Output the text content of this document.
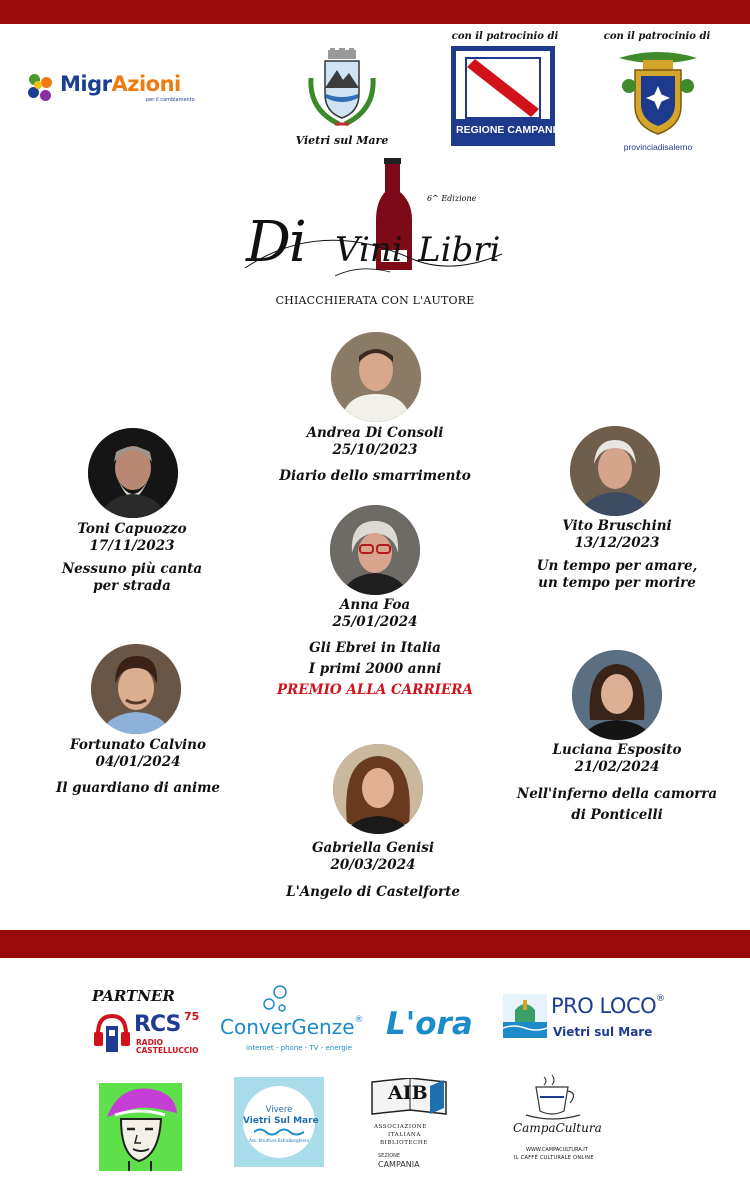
MigrAzioni
per il cambiamento
Vietri sul Mare
con il patrocinio di	con il patrocinio di
REGIONE CAMPANIA
provinciadisalerno
6^ Edizione
Di Vini Libri
CHIACCHIERATA CON L'AUTORE
Andrea Di Consoli
25/10/2023
Diario dello smarrimento
Toni Capuozzo
17/11/2023
Nessuno più canta
per strada
Vito Bruschini
13/12/2023
Un tempo per amare,
un tempo per morire
Anna Foa
25/01/2024
Gli Ebrei in Italia
I primi 2000 anni
PREMIO ALLA CARRIERA
Fortunato Calvino
04/01/2024
Il guardiano di anime
Luciana Esposito
21/02/2024
Nell'inferno della camorra
di Ponticelli
Gabriella Genisi
20/03/2024
L'Angelo di Castelforte
PARTNER
RCS 75
RADIO
CASTELLUCCIO
ConverGenze®
internet - phone - TV - energie
L'ora	PRO LOCO®
Vietri sul Mare
Vivere
Vietri Sul Mare
Ass. Struttura Extralberghiera
AIB
ASSOCIAZIONE
ITALIANA
BIBLIOTECHE
SEZIONE
CAMPANIA
CampaCultura
WWW.CAMPACULTURA.IT
IL CAFFÈ CULTURALE ONLINE
